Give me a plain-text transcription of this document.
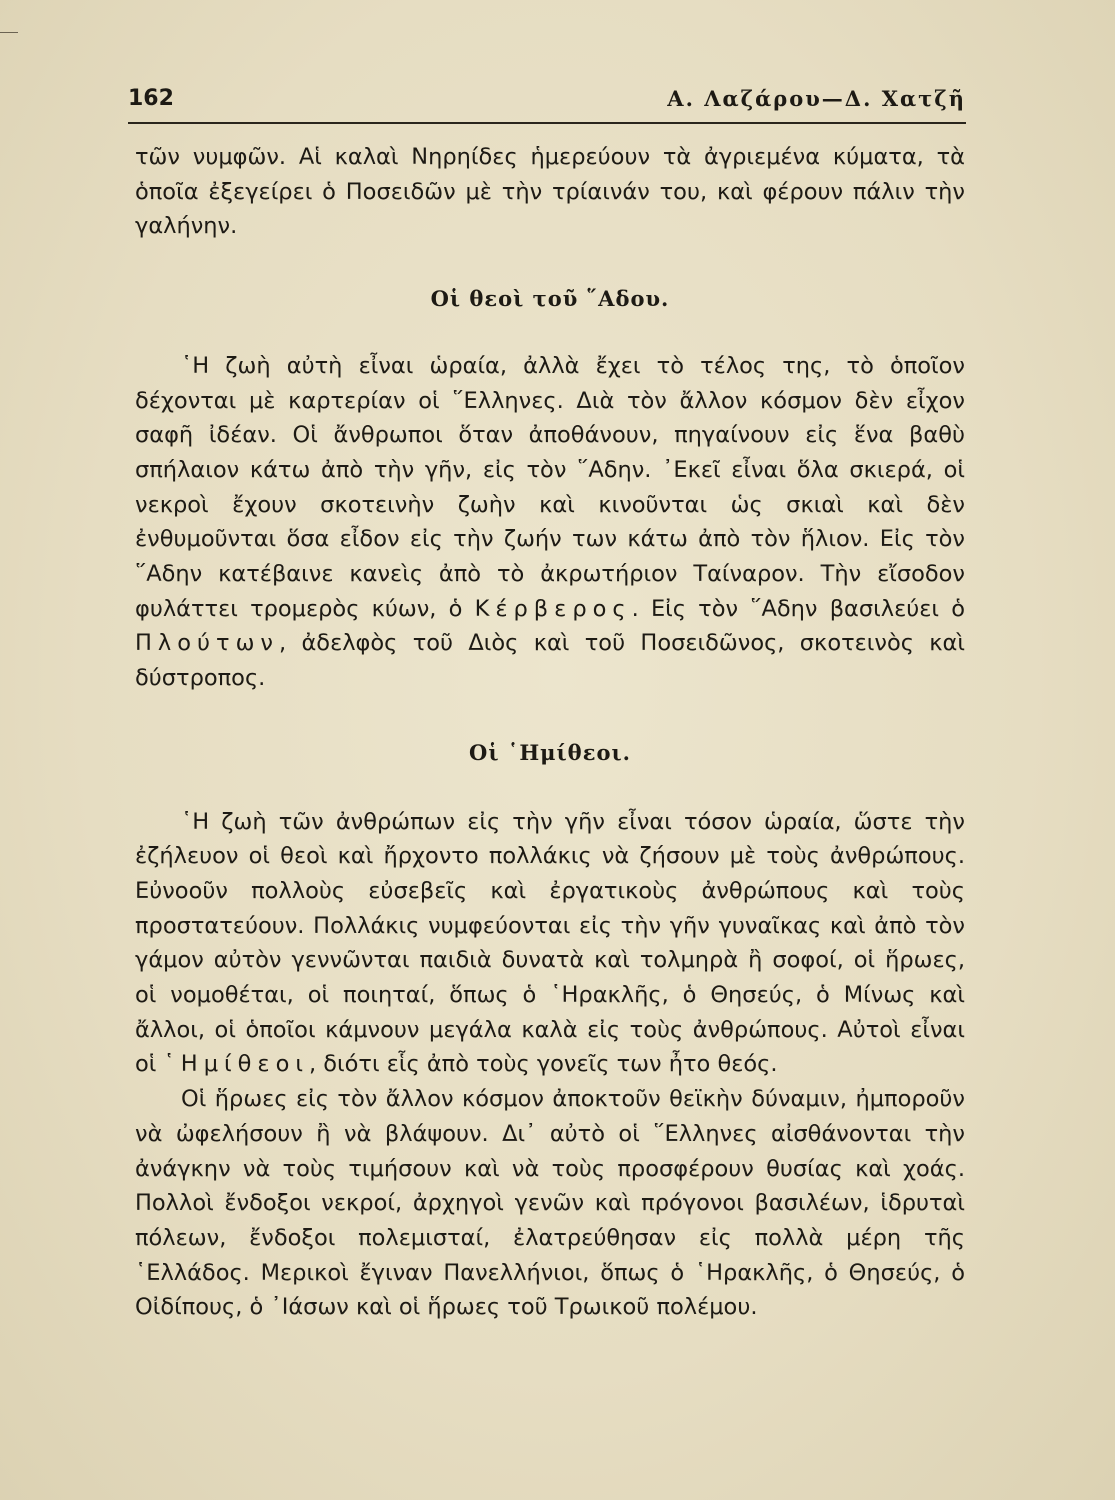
162	Α. Λαζάρου—Δ. Χατζῆ

τῶν νυμφῶν. Αἱ καλαὶ Νηρηίδες ἡμερεύουν τὰ ἀγριεμένα κύματα, τὰ ὁποῖα ἐξεγείρει ὁ Ποσειδῶν μὲ τὴν τρίαινάν του, καὶ φέρουν πάλιν τὴν γαλήνην.

Οἱ θεοὶ τοῦ ῞Αδου.

῾Η ζωὴ αὐτὴ εἶναι ὡραία, ἀλλὰ ἔχει τὸ τέλος της, τὸ ὁποῖον δέχονται μὲ καρτερίαν οἱ ῞Ελληνες. Διὰ τὸν ἄλλον κόσμον δὲν εἶχον σαφῆ ἰδέαν. Οἱ ἄνθρωποι ὅταν ἀποθάνουν, πηγαίνουν εἰς ἕνα βαθὺ σπήλαιον κάτω ἀπὸ τὴν γῆν, εἰς τὸν ῞Αδην. ᾿Εκεῖ εἶναι ὅλα σκιερά, οἱ νεκροὶ ἔχουν σκοτεινὴν ζωὴν καὶ κινοῦνται ὡς σκιαὶ καὶ δὲν ἐνθυμοῦνται ὅσα εἶδον εἰς τὴν ζωήν των κάτω ἀπὸ τὸν ἥλιον. Εἰς τὸν ῞Αδην κατέβαινε κανεὶς ἀπὸ τὸ ἀκρωτήριον Ταίναρον. Τὴν εἴσοδον φυλάττει τρομερὸς κύων, ὁ Κέρβερος. Εἰς τὸν ῞Αδην βασιλεύει ὁ Πλούτων, ἀδελφὸς τοῦ Διὸς καὶ τοῦ Ποσειδῶνος, σκοτεινὸς καὶ δύστροπος.

Οἱ ῾Ημίθεοι.

῾Η ζωὴ τῶν ἀνθρώπων εἰς τὴν γῆν εἶναι τόσον ὡραία, ὥστε τὴν ἐζήλευον οἱ θεοὶ καὶ ἤρχοντο πολλάκις νὰ ζήσουν μὲ τοὺς ἀνθρώπους. Εὐνοοῦν πολλοὺς εὐσεβεῖς καὶ ἐργατικοὺς ἀνθρώπους καὶ τοὺς προστατεύουν. Πολλάκις νυμφεύονται εἰς τὴν γῆν γυναῖκας καὶ ἀπὸ τὸν γάμον αὐτὸν γεννῶνται παιδιὰ δυνατὰ καὶ τολμηρὰ ἢ σοφοί, οἱ ἥρωες, οἱ νομοθέται, οἱ ποιηταί, ὅπως ὁ ῾Ηρακλῆς, ὁ Θησεύς, ὁ Μίνως καὶ ἄλλοι, οἱ ὁποῖοι κάμνουν μεγάλα καλὰ εἰς τοὺς ἀνθρώπους. Αὐτοὶ εἶναι οἱ ῾Ημίθεοι, διότι εἷς ἀπὸ τοὺς γονεῖς των ἦτο θεός.

Οἱ ἥρωες εἰς τὸν ἄλλον κόσμον ἀποκτοῦν θεϊκὴν δύναμιν, ἠμποροῦν νὰ ὠφελήσουν ἢ νὰ βλάψουν. Δι᾿ αὐτὸ οἱ ῞Ελληνες αἰσθάνονται τὴν ἀνάγκην νὰ τοὺς τιμήσουν καὶ νὰ τοὺς προσφέρουν θυσίας καὶ χοάς. Πολλοὶ ἔνδοξοι νεκροί, ἀρχηγοὶ γενῶν καὶ πρόγονοι βασιλέων, ἱδρυταὶ πόλεων, ἔνδοξοι πολεμισταί, ἐλατρεύθησαν εἰς πολλὰ μέρη τῆς ῾Ελλάδος. Μερικοὶ ἔγιναν Πανελλήνιοι, ὅπως ὁ ῾Ηρακλῆς, ὁ Θησεύς, ὁ Οἰδίπους, ὁ ᾿Ιάσων καὶ οἱ ἥρωες τοῦ Τρωικοῦ πολέμου.
